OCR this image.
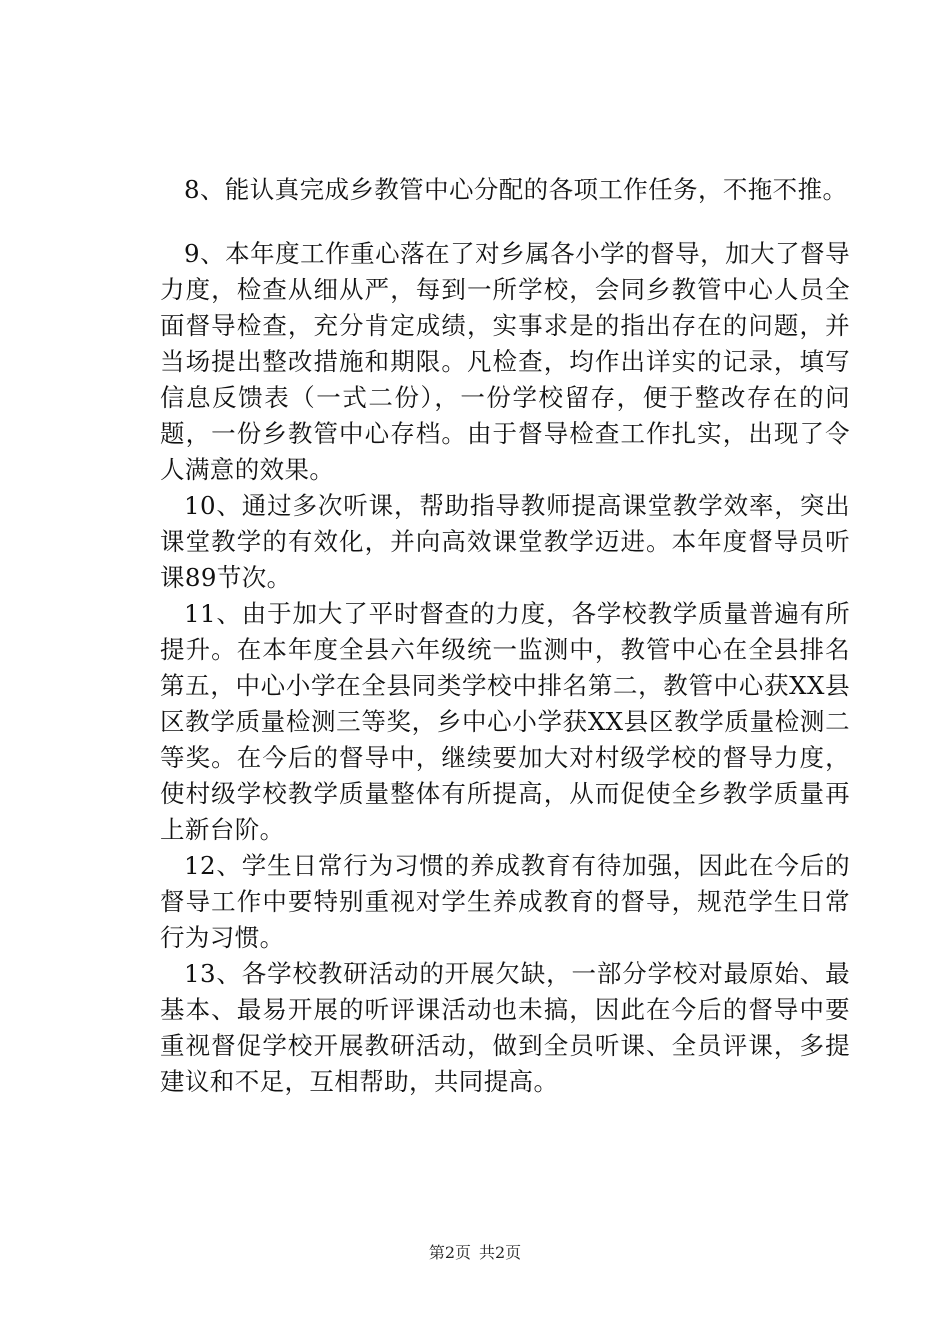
8、能认真完成乡教管中心分配的各项工作任务，不拖不推。

9、本年度工作重心落在了对乡属各小学的督导，加大了督导力度，检查从细从严，每到一所学校，会同乡教管中心人员全面督导检查，充分肯定成绩，实事求是的指出存在的问题，并当场提出整改措施和期限。凡检查，均作出详实的记录，填写信息反馈表（一式二份），一份学校留存，便于整改存在的问题，一份乡教管中心存档。由于督导检查工作扎实，出现了令人满意的效果。

10、通过多次听课，帮助指导教师提高课堂教学效率，突出课堂教学的有效化，并向高效课堂教学迈进。本年度督导员听课89节次。

11、由于加大了平时督查的力度，各学校教学质量普遍有所提升。在本年度全县六年级统一监测中，教管中心在全县排名第五，中心小学在全县同类学校中排名第二，教管中心获XX县区教学质量检测三等奖，乡中心小学获XX县区教学质量检测二等奖。在今后的督导中，继续要加大对村级学校的督导力度，使村级学校教学质量整体有所提高，从而促使全乡教学质量再上新台阶。

12、学生日常行为习惯的养成教育有待加强，因此在今后的督导工作中要特别重视对学生养成教育的督导，规范学生日常行为习惯。

13、各学校教研活动的开展欠缺，一部分学校对最原始、最基本、最易开展的听评课活动也未搞，因此在今后的督导中要重视督促学校开展教研活动，做到全员听课、全员评课，多提建议和不足，互相帮助，共同提高。

第2页 共2页
